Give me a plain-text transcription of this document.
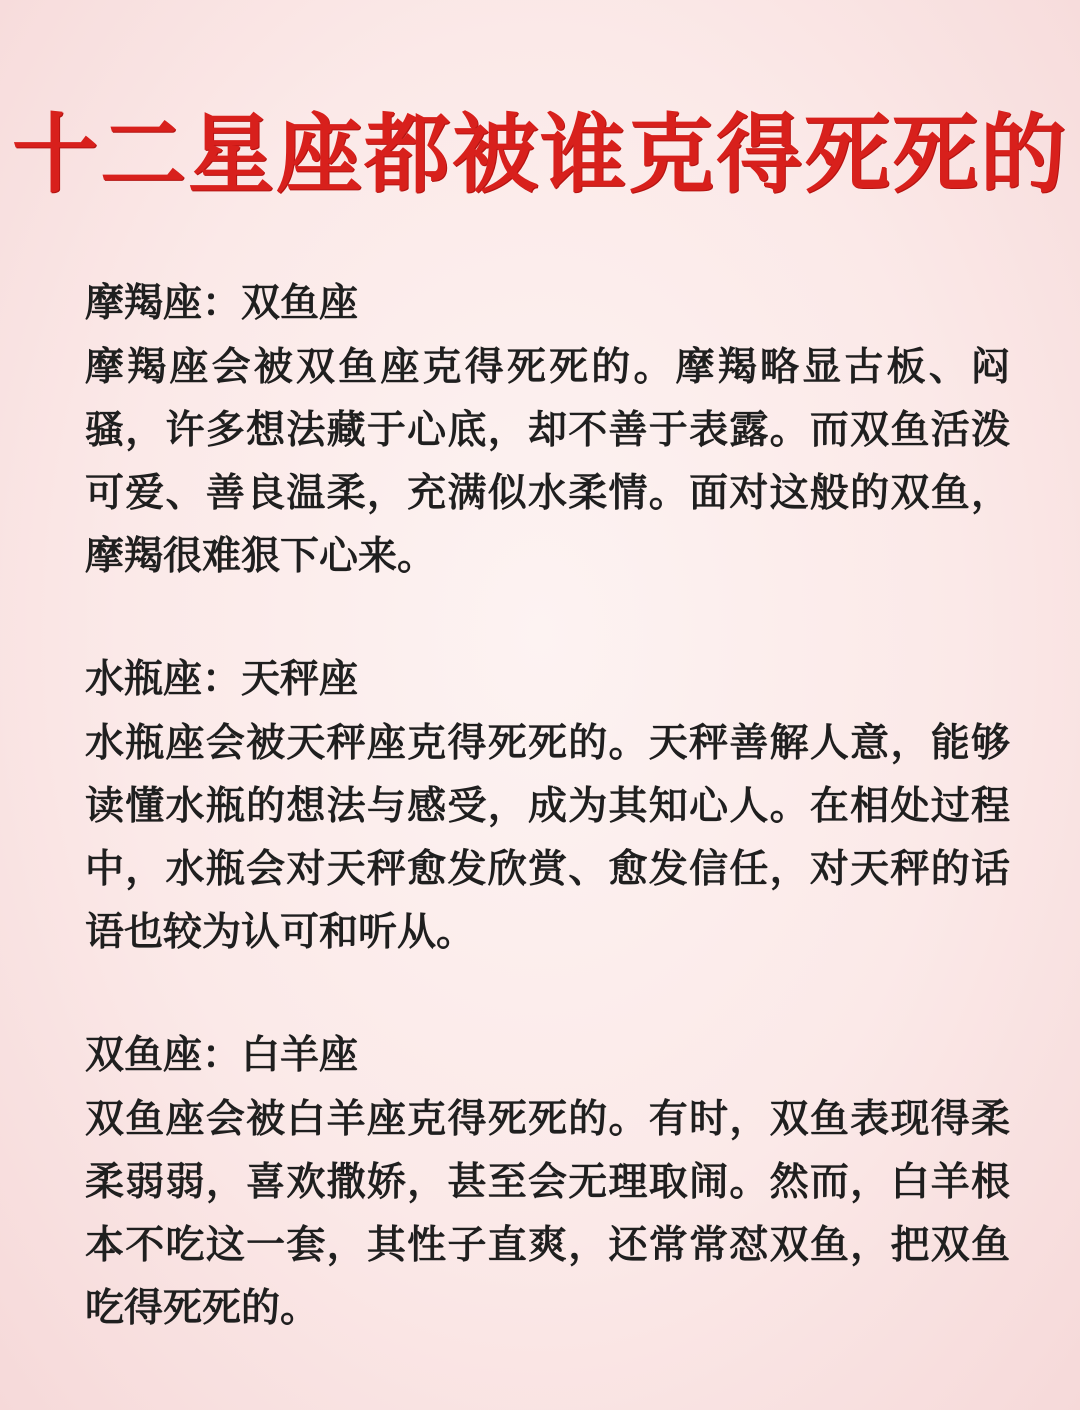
十二星座都被谁克得死死的
摩羯座：双鱼座
摩羯座会被双鱼座克得死死的。摩羯略显古板、闷骚，许多想法藏于心底，却不善于表露。而双鱼活泼可爱、善良温柔，充满似水柔情。面对这般的双鱼，摩羯很难狠下心来。
水瓶座：天秤座
水瓶座会被天秤座克得死死的。天秤善解人意，能够读懂水瓶的想法与感受，成为其知心人。在相处过程中，水瓶会对天秤愈发欣赏、愈发信任，对天秤的话语也较为认可和听从。
双鱼座：白羊座
双鱼座会被白羊座克得死死的。有时，双鱼表现得柔柔弱弱，喜欢撒娇，甚至会无理取闹。然而，白羊根本不吃这一套，其性子直爽，还常常怼双鱼，把双鱼吃得死死的。
